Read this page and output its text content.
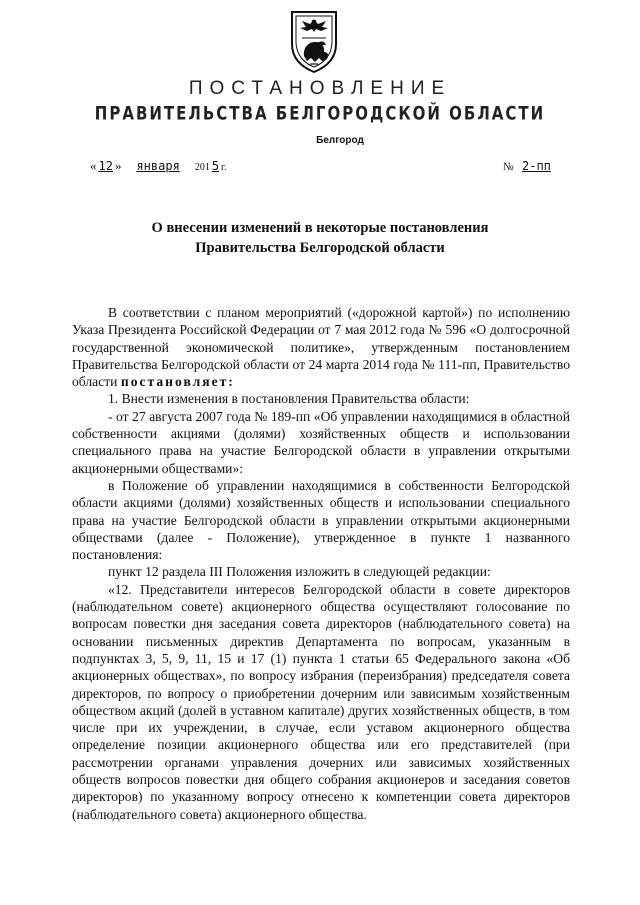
ПОСТАНОВЛЕНИЕ
ПРАВИТЕЛЬСТВА БЕЛГОРОДСКОЙ ОБЛАСТИ
Белгород
« 12 »    января 201 5 г.	№ 2-пп
О внесении изменений в некоторые постановления
Правительства Белгородской области

В соответствии с планом мероприятий («дорожной картой») по исполнению Указа Президента Российской Федерации от 7 мая 2012 года № 596 «О долгосрочной государственной экономической политике», утвержденным постановлением Правительства Белгородской области от 24 марта 2014 года № 111-пп, Правительство области постановляет:

1. Внести изменения в постановления Правительства области:

- от 27 августа 2007 года № 189-пп «Об управлении находящимися в областной собственности акциями (долями) хозяйственных обществ и использовании специального права на участие Белгородской области в управлении открытыми акционерными обществами»:

в Положение об управлении находящимися в собственности Белгородской области акциями (долями) хозяйственных обществ и использовании специального права на участие Белгородской области в управлении открытыми акционерными обществами (далее - Положение), утвержденное в пункте 1 названного постановления:

пункт 12 раздела III Положения изложить в следующей редакции:

«12. Представители интересов Белгородской области в совете директоров (наблюдательном совете) акционерного общества осуществляют голосование по вопросам повестки дня заседания совета директоров (наблюдательного совета) на основании письменных директив Департамента по вопросам, указанным в подпунктах 3, 5, 9, 11, 15 и 17 (1) пункта 1 статьи 65 Федерального закона «Об акционерных обществах», по вопросу избрания (переизбрания) председателя совета директоров, по вопросу о приобретении дочерним или зависимым хозяйственным обществом акций (долей в уставном капитале) других хозяйственных обществ, в том числе при их учреждении, в случае, если уставом акционерного общества определение позиции акционерного общества или его представителей (при рассмотрении органами управления дочерних или зависимых хозяйственных обществ вопросов повестки дня общего собрания акционеров и заседания советов директоров) по указанному вопросу отнесено к компетенции совета директоров (наблюдательного совета) акционерного общества.
